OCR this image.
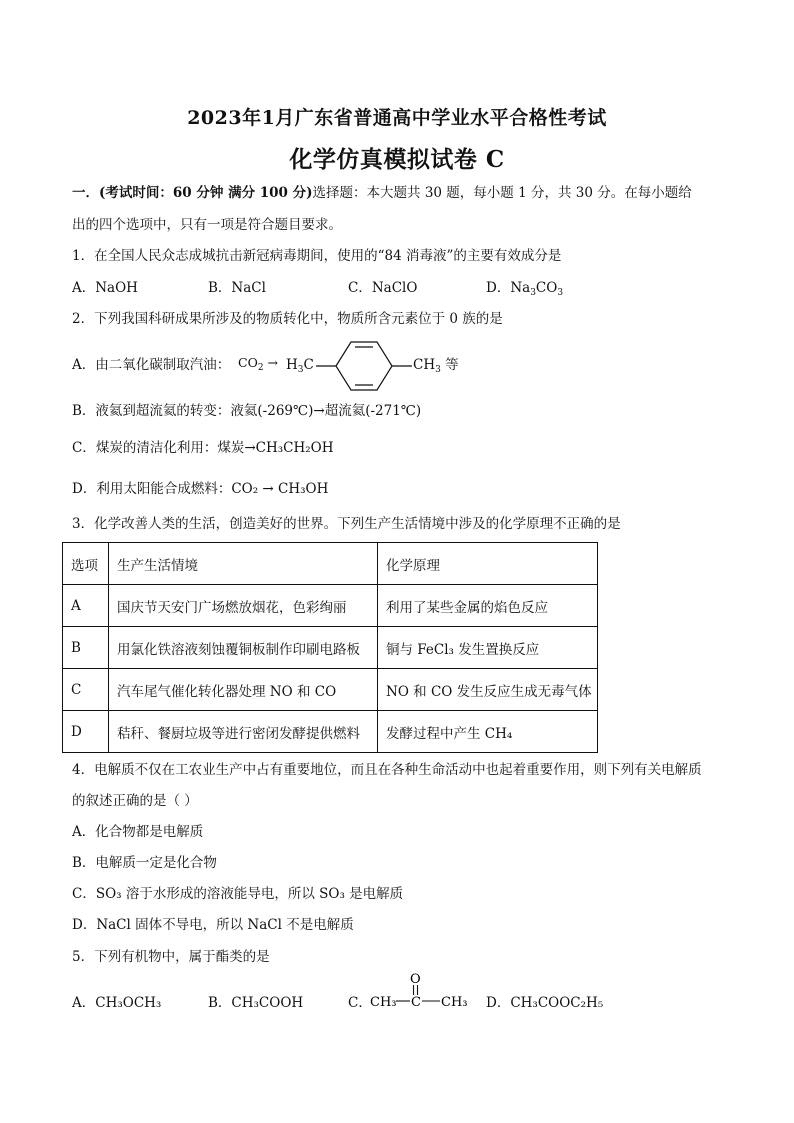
2023年1月广东省普通高中学业水平合格性考试
化学仿真模拟试卷 C
一．(考试时间：60 分钟 满分 100 分)选择题：本大题共 30 题，每小题 1 分，共 30 分。在每小题给
出的四个选项中，只有一项是符合题目要求。
1．在全国人民众志成城抗击新冠病毒期间，使用的“84 消毒液”的主要有效成分是
A．NaOH	B．NaCl	C．NaClO	D．$Na_3CO_3$
2．下列我国科研成果所涉及的物质转化中，物质所含元素位于 0 族的是
A．由二氧化碳制取汽油： $CO_2 \to H_3C$	$CH_3$ 等
B．液氦到超流氦的转变：液氦(-269℃)→超流氦(-271℃)
C．煤炭的清洁化利用：煤炭→CH₃CH₂OH
D．利用太阳能合成燃料：CO₂ → CH₃OH
3．化学改善人类的生活，创造美好的世界。下列生产生活情境中涉及的化学原理不正确的是
选项	生产生活情境	化学原理
A	国庆节天安门广场燃放烟花，色彩绚丽	利用了某些金属的焰色反应
B	用氯化铁溶液刻蚀覆铜板制作印刷电路板	铜与 FeCl₃ 发生置换反应
C	汽车尾气催化转化器处理 NO 和 CO	NO 和 CO 发生反应生成无毒气体
D	秸秆、餐厨垃圾等进行密闭发酵提供燃料	发酵过程中产生 CH₄
4．电解质不仅在工农业生产中占有重要地位，而且在各种生命活动中也起着重要作用，则下列有关电解质
的叙述正确的是（ ）
A．化合物都是电解质
B．电解质一定是化合物
C．SO₃ 溶于水形成的溶液能导电，所以 SO₃ 是电解质
D．NaCl 固体不导电，所以 NaCl 不是电解质
5．下列有机物中，属于酯类的是
A．CH₃OCH₃	B．CH₃COOH	C．
CH₃ C
O
CH₃ D．CH₃COOC₂H₅
